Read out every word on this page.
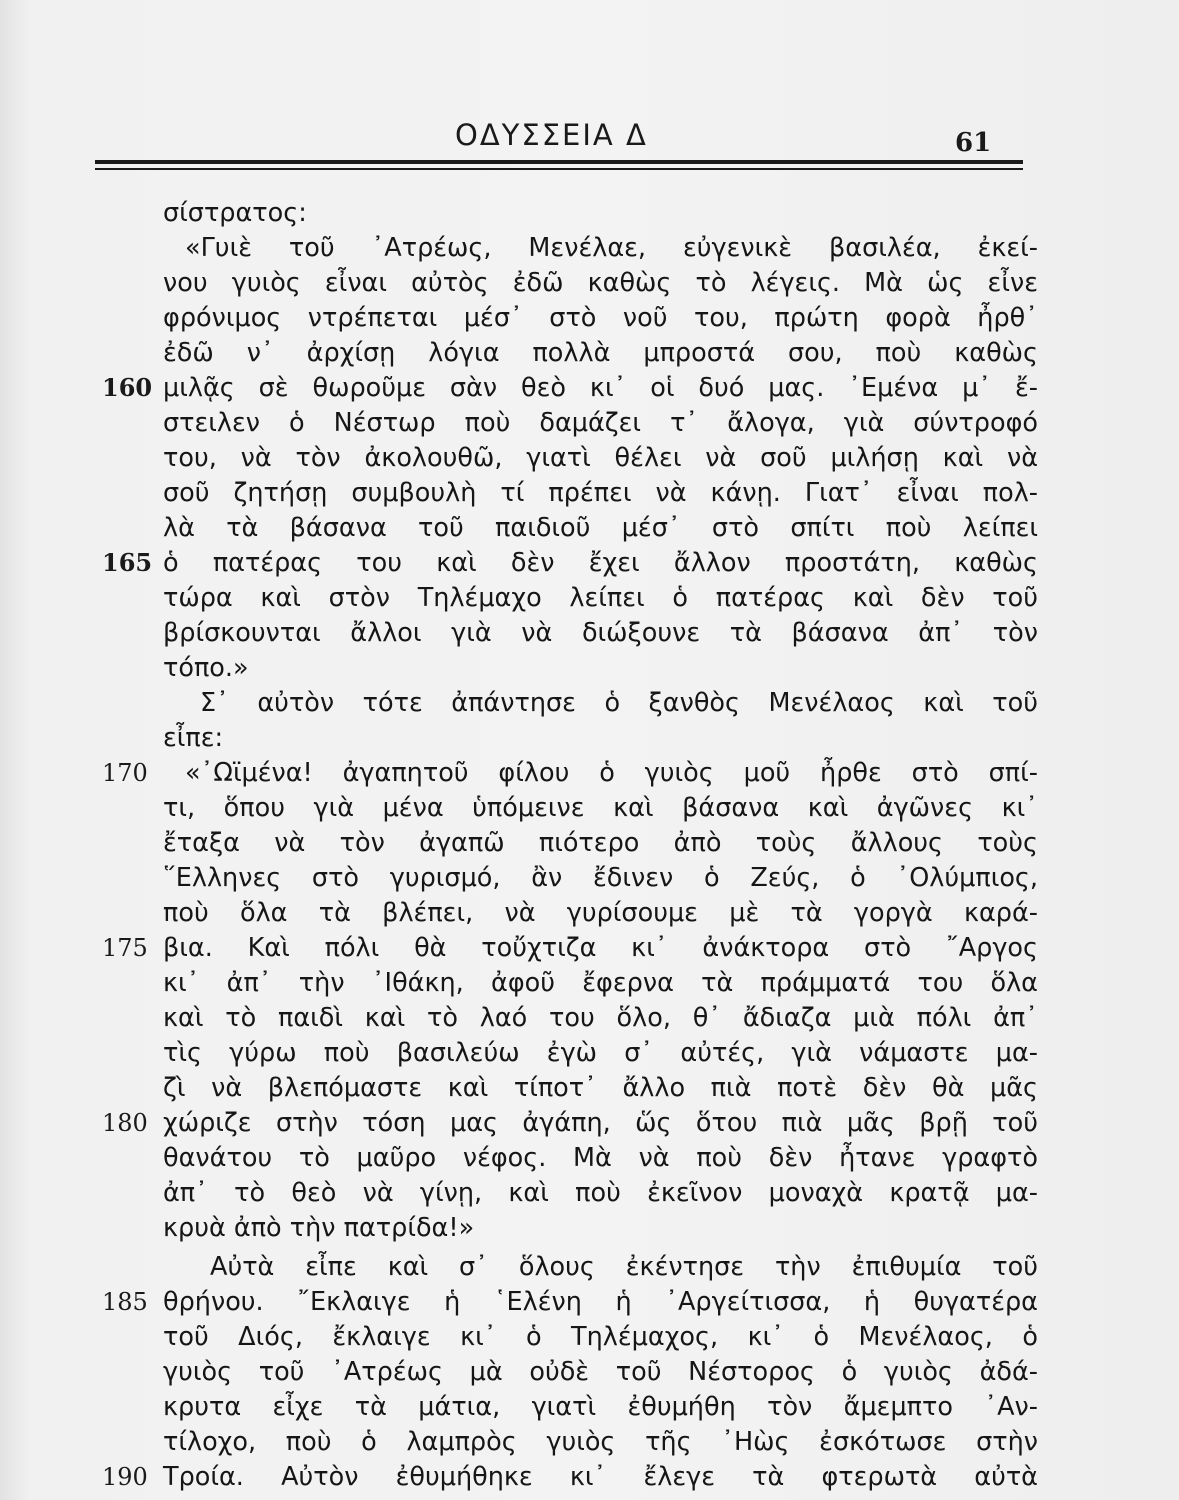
ΟΔΥΣΣΕΙΑ Δ	61
σίστρατος:
«Γυιὲ τοῦ ᾿Ατρέως, Μενέλαε, εὐγενικὲ βασιλέα, ἐκεί-
νου γυιὸς εἶναι αὐτὸς ἐδῶ καθὼς τὸ λέγεις. Μὰ ὡς εἶνε
φρόνιμος ντρέπεται μέσ᾿ στὸ νοῦ του, πρώτη φορὰ ἦρθ᾿
ἐδῶ ν᾿ ἀρχίσῃ λόγια πολλὰ μπροστά σου, ποὺ καθὼς
μιλᾷς σὲ θωροῦμε σὰν θεὸ κι᾿ οἱ δυό μας. ᾿Εμένα μ᾿ ἔ-
στειλεν ὁ Νέστωρ ποὺ δαμάζει τ᾿ ἄλογα, γιὰ σύντροφό
του, νὰ τὸν ἀκολουθῶ, γιατὶ θέλει νὰ σοῦ μιλήσῃ καὶ νὰ
σοῦ ζητήσῃ συμβουλὴ τί πρέπει νὰ κάνῃ. Γιατ᾿ εἶναι πολ-
λὰ τὰ βάσανα τοῦ παιδιοῦ μέσ᾿ στὸ σπίτι ποὺ λείπει
ὁ πατέρας του καὶ δὲν ἔχει ἄλλον προστάτη, καθὼς
τώρα καὶ στὸν Τηλέμαχο λείπει ὁ πατέρας καὶ δὲν τοῦ
βρίσκουνται ἄλλοι γιὰ νὰ διώξουνε τὰ βάσανα ἀπ᾿ τὸν
τόπο.»
Σ᾿ αὐτὸν τότε ἀπάντησε ὁ ξανθὸς Μενέλαος καὶ τοῦ
εἶπε:
«᾿Ωϊμένα! ἀγαπητοῦ φίλου ὁ γυιὸς μοῦ ἦρθε στὸ σπί-
τι, ὅπου γιὰ μένα ὑπόμεινε καὶ βάσανα καὶ ἀγῶνες κι᾿
ἔταξα νὰ τὸν ἀγαπῶ πιότερο ἀπὸ τοὺς ἄλλους τοὺς
῞Ελληνες στὸ γυρισμό, ἂν ἔδινεν ὁ Ζεύς, ὁ ᾿Ολύμπιος,
ποὺ ὅλα τὰ βλέπει, νὰ γυρίσουμε μὲ τὰ γοργὰ καρά-
βια. Καὶ πόλι θὰ τοὔχτιζα κι᾿ ἀνάκτορα στὸ ῎Αργος
κι᾿ ἀπ᾿ τὴν ᾿Ιθάκη, ἀφοῦ ἔφερνα τὰ πράμματά του ὅλα
καὶ τὸ παιδὶ καὶ τὸ λαό του ὅλο, θ᾿ ἄδιαζα μιὰ πόλι ἀπ᾿
τὶς γύρω ποὺ βασιλεύω ἐγὼ σ᾿ αὐτές, γιὰ νάμαστε μα-
ζὶ νὰ βλεπόμαστε καὶ τίποτ᾿ ἄλλο πιὰ ποτὲ δὲν θὰ μᾶς
χώριζε στὴν τόση μας ἀγάπη, ὥς ὅτου πιὰ μᾶς βρῇ τοῦ
θανάτου τὸ μαῦρο νέφος. Μὰ νὰ ποὺ δὲν ἦτανε γραφτὸ
ἀπ᾿ τὸ θεὸ νὰ γίνῃ, καὶ ποὺ ἐκεῖνον μοναχὰ κρατᾷ μα-
κρυὰ ἀπὸ τὴν πατρίδα!»
Αὐτὰ εἶπε καὶ σ᾿ ὅλους ἐκέντησε τὴν ἐπιθυμία τοῦ
θρήνου. ῎Εκλαιγε ἡ ῾Ελένη ἡ ᾿Αργείτισσα, ἡ θυγατέρα
τοῦ Διός, ἔκλαιγε κι᾿ ὁ Τηλέμαχος, κι᾿ ὁ Μενέλαος, ὁ
γυιὸς τοῦ ᾿Ατρέως μὰ οὐδὲ τοῦ Νέστορος ὁ γυιὸς ἀδά-
κρυτα εἶχε τὰ μάτια, γιατὶ ἐθυμήθη τὸν ἄμεμπτο ᾿Αν-
τίλοχο, ποὺ ὁ λαμπρὸς γυιὸς τῆς ᾿Ηὼς ἐσκότωσε στὴν
Τροία. Αὐτὸν ἐθυμήθηκε κι᾿ ἔλεγε τὰ φτερωτὰ αὐτὰ
160
165
170
175
180
185
190
